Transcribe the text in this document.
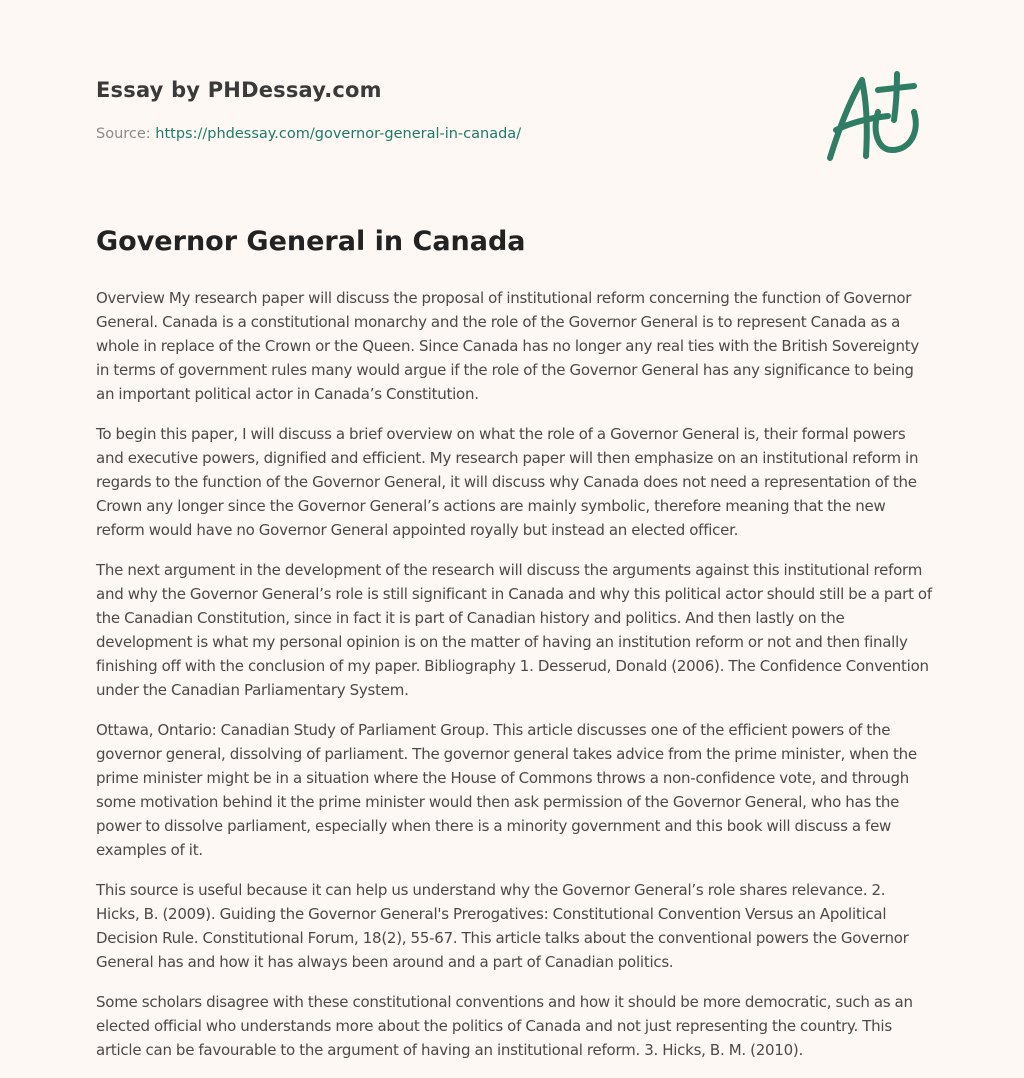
Essay by PHDessay.com
Source: https://phdessay.com/governor-general-in-canada/
Governor General in Canada

Overview My research paper will discuss the proposal of institutional reform concerning the function of Governor General. Canada is a constitutional monarchy and the role of the Governor General is to represent Canada as a whole in replace of the Crown or the Queen. Since Canada has no longer any real ties with the British Sovereignty in terms of government rules many would argue if the role of the Governor General has any significance to being an important political actor in Canada’s Constitution.

To begin this paper, I will discuss a brief overview on what the role of a Governor General is, their formal powers and executive powers, dignified and efficient. My research paper will then emphasize on an institutional reform in regards to the function of the Governor General, it will discuss why Canada does not need a representation of the Crown any longer since the Governor General’s actions are mainly symbolic, therefore meaning that the new reform would have no Governor General appointed royally but instead an elected officer.

The next argument in the development of the research will discuss the arguments against this institutional reform and why the Governor General’s role is still significant in Canada and why this political actor should still be a part of the Canadian Constitution, since in fact it is part of Canadian history and politics. And then lastly on the development is what my personal opinion is on the matter of having an institution reform or not and then finally finishing off with the conclusion of my paper. Bibliography 1. Desserud, Donald (2006). The Confidence Convention under the Canadian Parliamentary System.

Ottawa, Ontario: Canadian Study of Parliament Group. This article discusses one of the efficient powers of the governor general, dissolving of parliament. The governor general takes advice from the prime minister, when the prime minister might be in a situation where the House of Commons throws a non-confidence vote, and through some motivation behind it the prime minister would then ask permission of the Governor General, who has the power to dissolve parliament, especially when there is a minority government and this book will discuss a few examples of it.

This source is useful because it can help us understand why the Governor General’s role shares relevance. 2. Hicks, B. (2009). Guiding the Governor General's Prerogatives: Constitutional Convention Versus an Apolitical Decision Rule. Constitutional Forum, 18(2), 55-67. This article talks about the conventional powers the Governor General has and how it has always been around and a part of Canadian politics.

Some scholars disagree with these constitutional conventions and how it should be more democratic, such as an elected official who understands more about the politics of Canada and not just representing the country. This article can be favourable to the argument of having an institutional reform. 3. Hicks, B. M. (2010).
